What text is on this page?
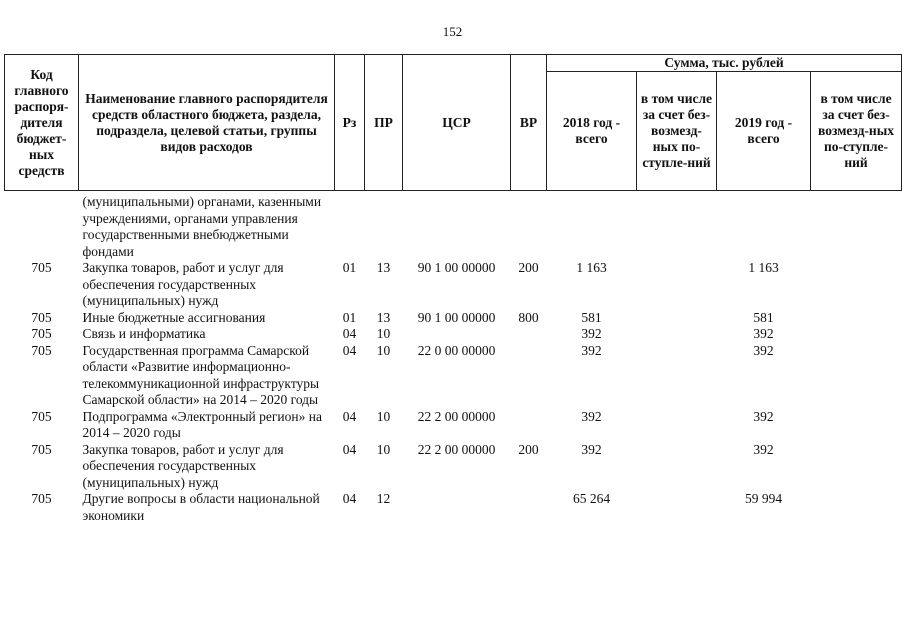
152
Код главного распоря-дителя бюджет-ных средств	Наименование главного распорядителя средств областного бюджета, раздела, подраздела, целевой статьи, группы видов расходов	Рз	ПР	ЦСР	ВР	Сумма, тыс. рублей			
						2018 год - всего	в том числе за счет без-возмезд-ных по-ступле-ний	2019 год - всего	в том числе за счет без-возмезд-ных по-ступле-ний
	(муниципальными) органами, казенными учреждениями, органами управления государственными внебюджетными фондами								
705	Закупка товаров, работ и услуг для обеспечения государственных (муниципальных) нужд	01	13	90 1 00 00000	200	1 163		1 163	
705	Иные бюджетные ассигнования	01	13	90 1 00 00000	800	581		581	
705	Связь и информатика	04	10			392		392	
705	Государственная программа Самарской области «Развитие информационно-телекоммуникационной инфраструктуры Самарской области» на 2014 – 2020 годы	04	10	22 0 00 00000		392		392	
705	Подпрограмма «Электронный регион» на 2014 – 2020 годы	04	10	22 2 00 00000		392		392	
705	Закупка товаров, работ и услуг для обеспечения государственных (муниципальных) нужд	04	10	22 2 00 00000	200	392		392	
705	Другие вопросы в области национальной экономики	04	12			65 264		59 994	
